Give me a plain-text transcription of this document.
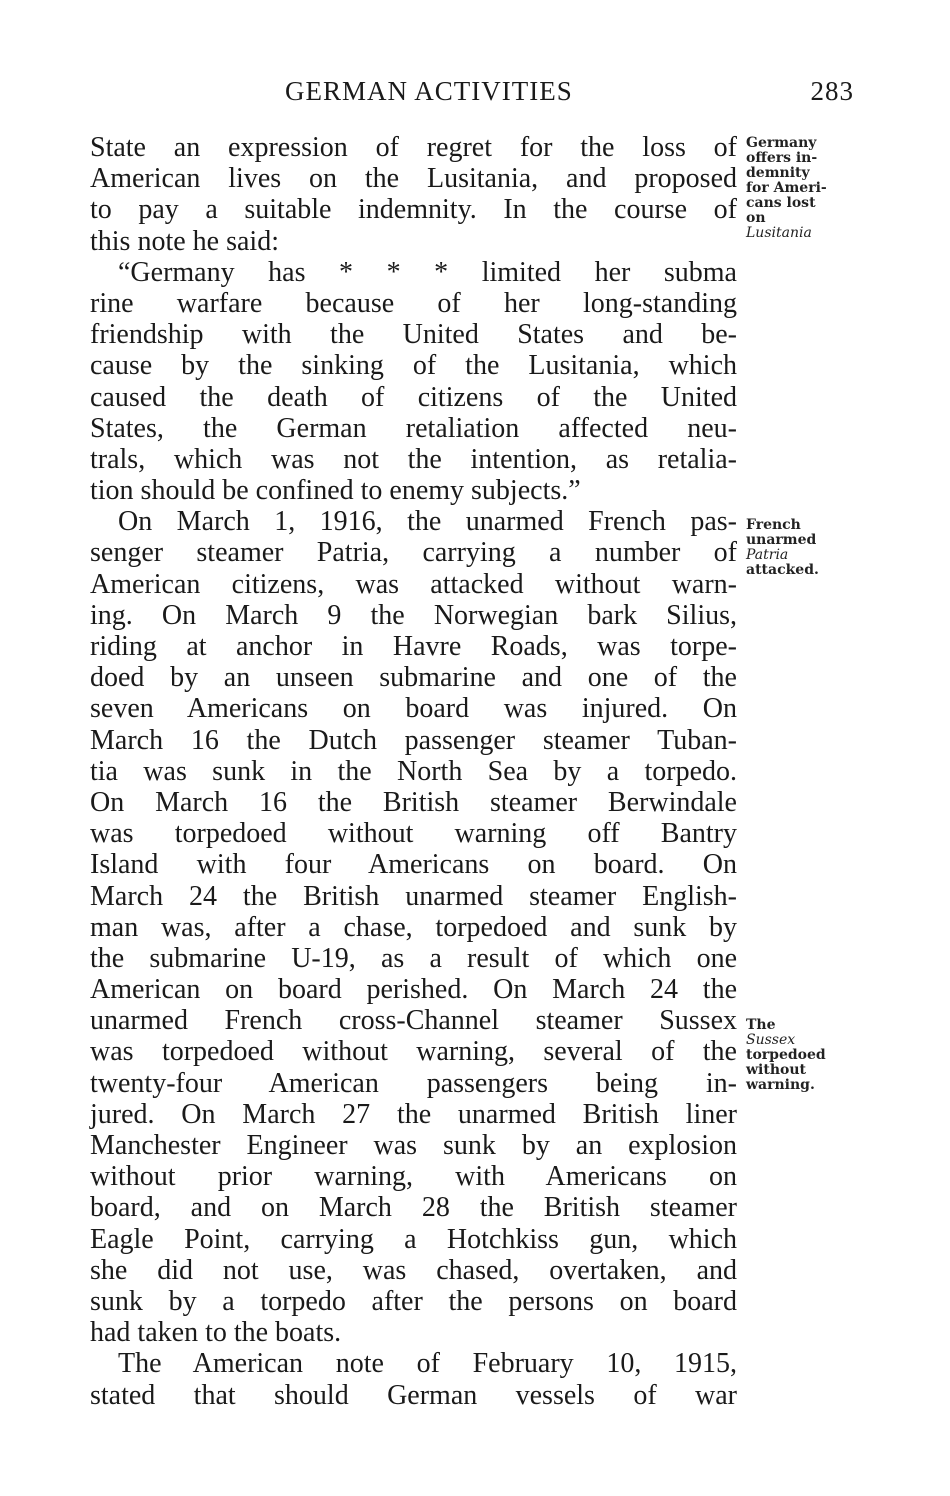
GERMAN ACTIVITIES	283
State an expression of regret for the loss of
American lives on the Lusitania, and proposed
to pay a suitable indemnity. In the course of
this note he said:
“Germany has * * * limited her subma
rine warfare because of her long-standing
friendship with the United States and be-
cause by the sinking of the Lusitania, which
caused the death of citizens of the United
States, the German retaliation affected neu-
trals, which was not the intention, as retalia-
tion should be confined to enemy subjects.”
On March 1, 1916, the unarmed French pas-
senger steamer Patria, carrying a number of
American citizens, was attacked without warn-
ing. On March 9 the Norwegian bark Silius,
riding at anchor in Havre Roads, was torpe-
doed by an unseen submarine and one of the
seven Americans on board was injured. On
March 16 the Dutch passenger steamer Tuban-
tia was sunk in the North Sea by a torpedo.
On March 16 the British steamer Berwindale
was torpedoed without warning off Bantry
Island with four Americans on board. On
March 24 the British unarmed steamer English-
man was, after a chase, torpedoed and sunk by
the submarine U-19, as a result of which one
American on board perished. On March 24 the
unarmed French cross-Channel steamer Sussex
was torpedoed without warning, several of the
twenty-four American passengers being in-
jured. On March 27 the unarmed British liner
Manchester Engineer was sunk by an explosion
without prior warning, with Americans on
board, and on March 28 the British steamer
Eagle Point, carrying a Hotchkiss gun, which
she did not use, was chased, overtaken, and
sunk by a torpedo after the persons on board
had taken to the boats.
The American note of February 10, 1915,
stated that should German vessels of war
Germany
offers in-
demnity
for Ameri-
cans lost
on
Lusitania
French
unarmed
Patria
attacked.
The
Sussex
torpedoed
without
warning.
